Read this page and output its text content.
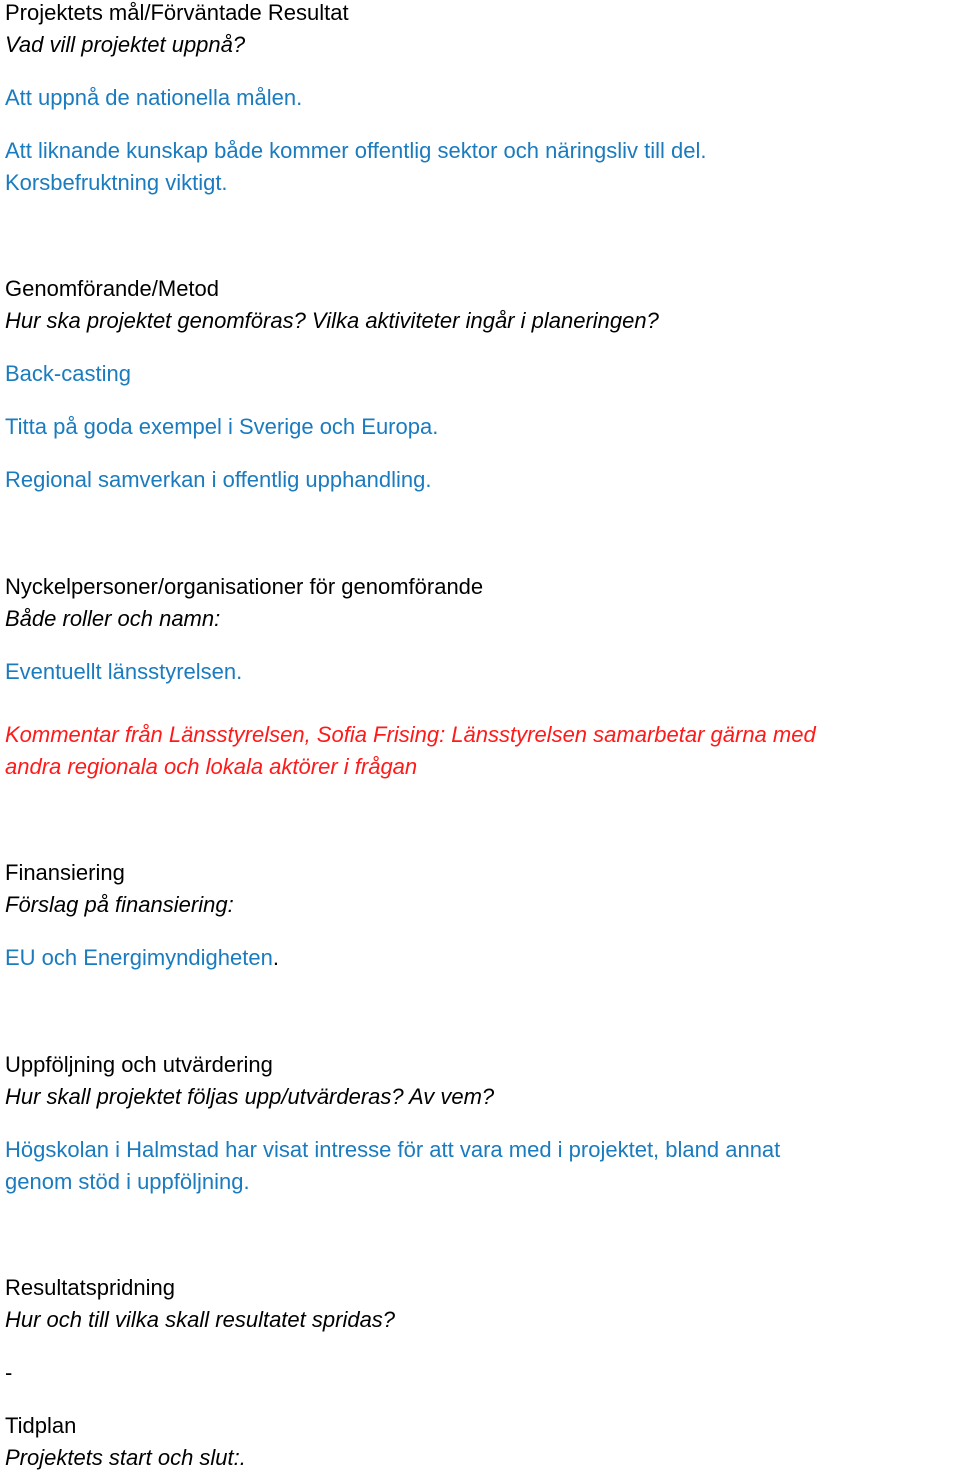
Projektets mål/Förväntade Resultat
Vad vill projektet uppnå?
Att uppnå de nationella målen.
Att liknande kunskap både kommer offentlig sektor och näringsliv till del.
Korsbefruktning viktigt.
Genomförande/Metod
Hur ska projektet genomföras? Vilka aktiviteter ingår i planeringen?
Back-casting
Titta på goda exempel i Sverige och Europa.
Regional samverkan i offentlig upphandling.
Nyckelpersoner/organisationer för genomförande
Både roller och namn:
Eventuellt länsstyrelsen.
Kommentar från Länsstyrelsen, Sofia Frising: Länsstyrelsen samarbetar gärna med
andra regionala och lokala aktörer i frågan
Finansiering
Förslag på finansiering:
EU och Energimyndigheten.
Uppföljning och utvärdering
Hur skall projektet följas upp/utvärderas? Av vem?
Högskolan i Halmstad har visat intresse för att vara med i projektet, bland annat
genom stöd i uppföljning.
Resultatspridning
Hur och till vilka skall resultatet spridas?
-
Tidplan
Projektets start och slut:.
